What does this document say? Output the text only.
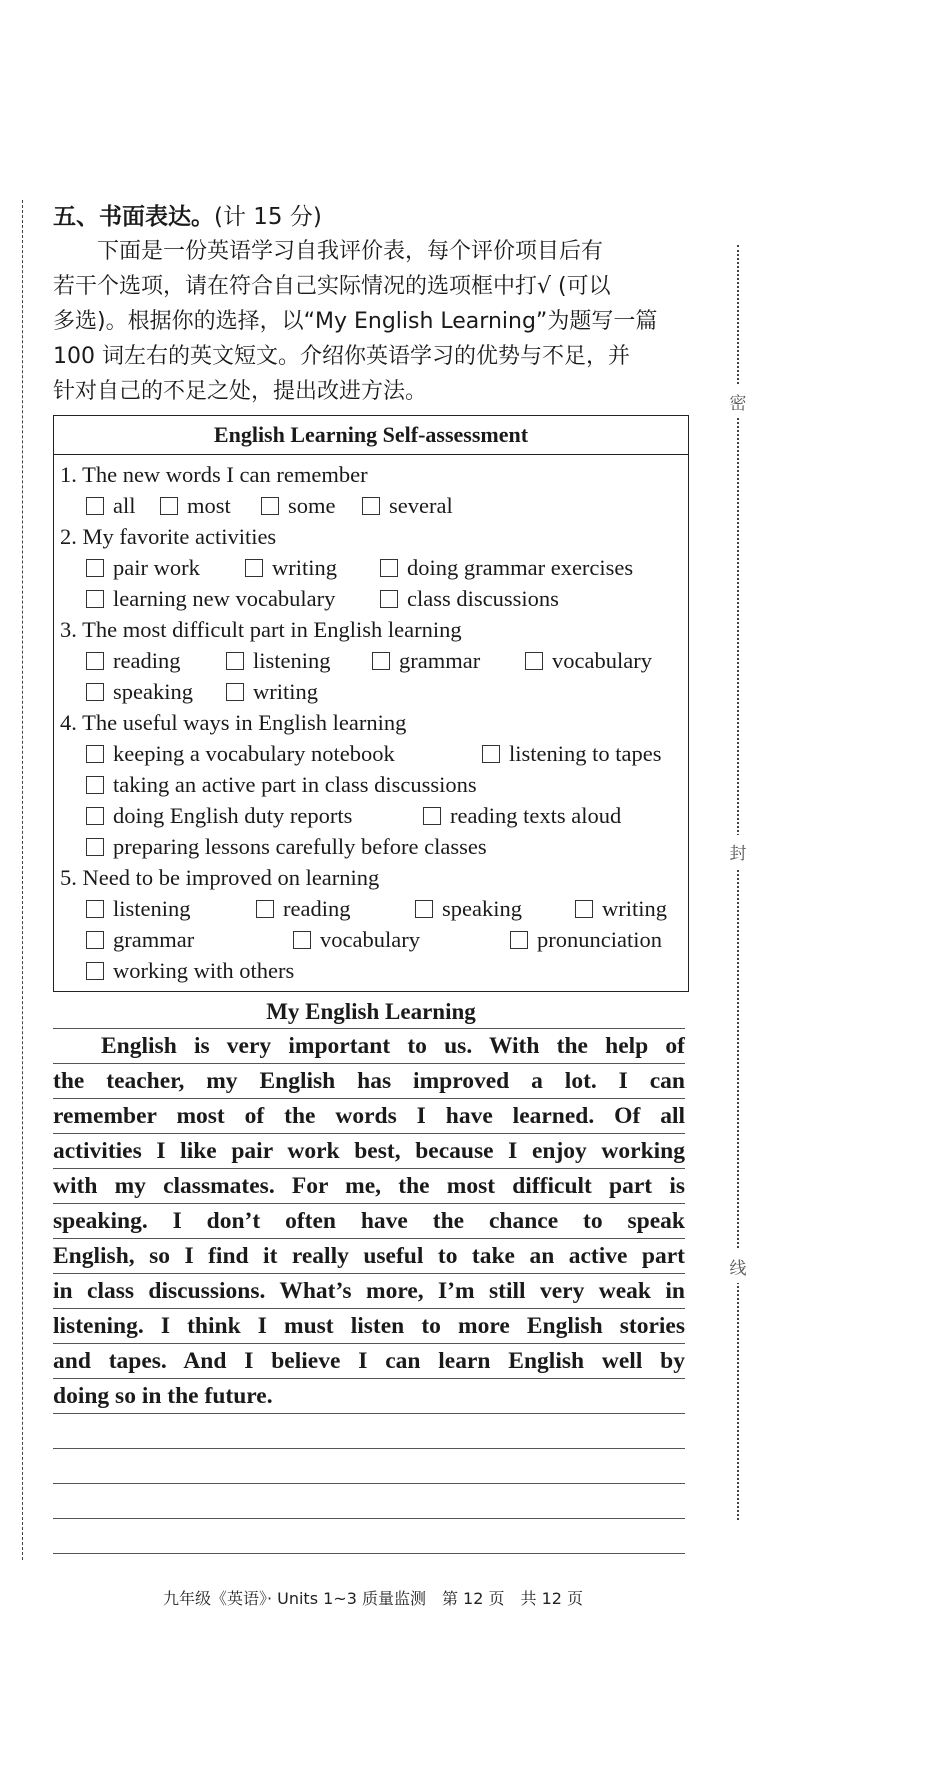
密
封
线
五、书面表达。(计 15 分)

　　下面是一份英语学习自我评价表，每个评价项目后有
若干个选项，请在符合自己实际情况的选项框中打√ (可以
多选)。根据你的选择，以“My English Learning”为题写一篇
100 词左右的英文短文。介绍你英语学习的优势与不足，并
针对自己的不足之处，提出改进方法。

English Learning Self-assessment
1. The new words I can remember
all most	some several
2. My favorite activities
pair work	writing	doing grammar exercises
learning new vocabulary	class discussions
3. The most difficult part in English learning
reading	listening	grammar	vocabulary
speaking	writing
4. The useful ways in English learning
keeping a vocabulary notebook	listening to tapes
taking an active part in class discussions
doing English duty reports	reading texts aloud
preparing lessons carefully before classes
5. Need to be improved on learning
listening	reading	speaking	writing
grammar	vocabulary	pronunciation
working with others
My English Learning
English is very important to us. With the help of
the teacher, my English has improved a lot. I can
remember most of the words I have learned. Of all
activities I like pair work best, because I enjoy working
with my classmates. For me, the most difficult part is
speaking. I don’t often have the chance to speak
English, so I find it really useful to take an active part
in class discussions. What’s more, I’m still very weak in
listening. I think I must listen to more English stories
and tapes. And I believe I can learn English well by
doing so in the future.
九年级《英语》· Units 1~3 质量监测　第 12 页　共 12 页
